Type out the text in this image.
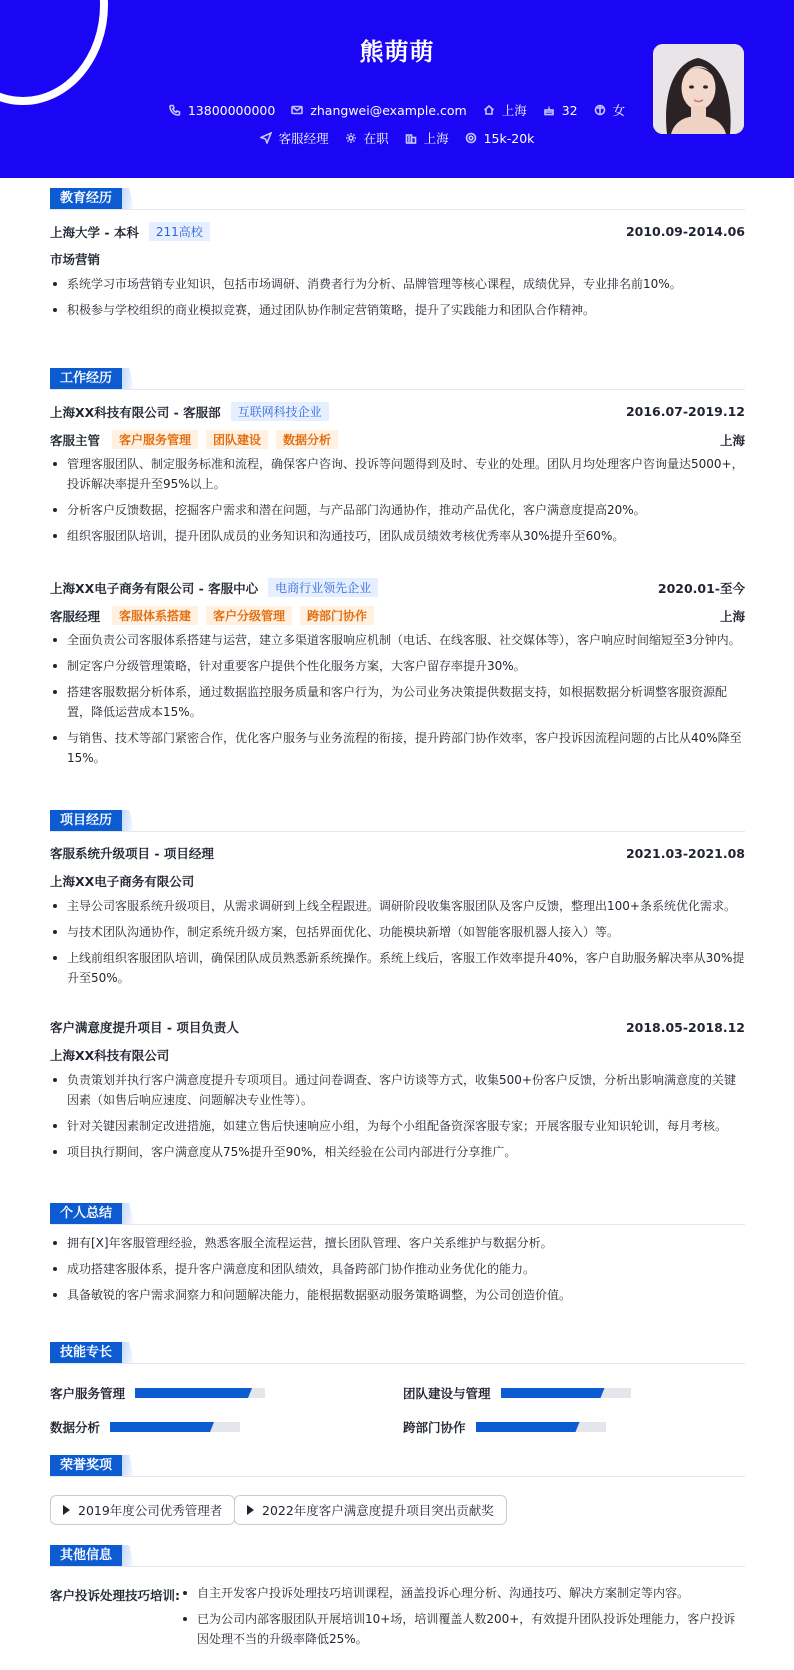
熊萌萌
13800000000	zhangwei@example.com	上海	32	女
客服经理	在职	上海	15k-20k
教育经历
上海大学 - 本科	211高校	2010.09-2014.06
市场营销
系统学习市场营销专业知识，包括市场调研、消费者行为分析、品牌管理等核心课程，成绩优异，专业排名前10%。
积极参与学校组织的商业模拟竞赛，通过团队协作制定营销策略，提升了实践能力和团队合作精神。
工作经历
上海XX科技有限公司 - 客服部	互联网科技企业	2016.07-2019.12
客服主管	客户服务管理	团队建设	数据分析	上海
管理客服团队、制定服务标准和流程，确保客户咨询、投诉等问题得到及时、专业的处理。团队月均处理客户咨询量达5000+，投诉解决率提升至95%以上。
分析客户反馈数据，挖掘客户需求和潜在问题，与产品部门沟通协作，推动产品优化，客户满意度提高20%。
组织客服团队培训，提升团队成员的业务知识和沟通技巧，团队成员绩效考核优秀率从30%提升至60%。
上海XX电子商务有限公司 - 客服中心	电商行业领先企业	2020.01-至今
客服经理	客服体系搭建	客户分级管理	跨部门协作	上海
全面负责公司客服体系搭建与运营，建立多渠道客服响应机制（电话、在线客服、社交媒体等），客户响应时间缩短至3分钟内。
制定客户分级管理策略，针对重要客户提供个性化服务方案，大客户留存率提升30%。
搭建客服数据分析体系，通过数据监控服务质量和客户行为，为公司业务决策提供数据支持，如根据数据分析调整客服资源配置，降低运营成本15%。
与销售、技术等部门紧密合作，优化客户服务与业务流程的衔接，提升跨部门协作效率，客户投诉因流程问题的占比从40%降至15%。
项目经历
客服系统升级项目 - 项目经理	2021.03-2021.08
上海XX电子商务有限公司
主导公司客服系统升级项目，从需求调研到上线全程跟进。调研阶段收集客服团队及客户反馈，整理出100+条系统优化需求。
与技术团队沟通协作，制定系统升级方案，包括界面优化、功能模块新增（如智能客服机器人接入）等。
上线前组织客服团队培训，确保团队成员熟悉新系统操作。系统上线后，客服工作效率提升40%，客户自助服务解决率从30%提升至50%。
客户满意度提升项目 - 项目负责人	2018.05-2018.12
上海XX科技有限公司
负责策划并执行客户满意度提升专项项目。通过问卷调查、客户访谈等方式，收集500+份客户反馈，分析出影响满意度的关键因素（如售后响应速度、问题解决专业性等）。
针对关键因素制定改进措施，如建立售后快速响应小组，为每个小组配备资深客服专家；开展客服专业知识轮训，每月考核。
项目执行期间，客户满意度从75%提升至90%，相关经验在公司内部进行分享推广。
个人总结
拥有[X]年客服管理经验，熟悉客服全流程运营，擅长团队管理、客户关系维护与数据分析。
成功搭建客服体系，提升客户满意度和团队绩效，具备跨部门协作推动业务优化的能力。
具备敏锐的客户需求洞察力和问题解决能力，能根据数据驱动服务策略调整，为公司创造价值。
技能专长
客户服务管理	团队建设与管理
数据分析	跨部门协作
荣誉奖项
2019年度公司优秀管理者	2022年度客户满意度提升项目突出贡献奖
其他信息
客户投诉处理技巧培训:	自主开发客户投诉处理技巧培训课程，涵盖投诉心理分析、沟通技巧、解决方案制定等内容。
已为公司内部客服团队开展培训10+场，培训覆盖人数200+，有效提升团队投诉处理能力，客户投诉因处理不当的升级率降低25%。
